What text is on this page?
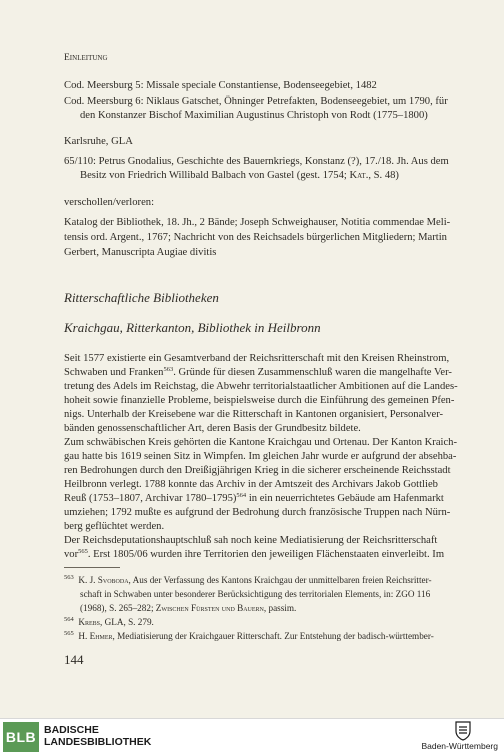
Einleitung
Cod. Meersburg 5: Missale speciale Constantiense, Bodenseegebiet, 1482
Cod. Meersburg 6: Niklaus Gatschet, Öhninger Petrefakten, Bodenseegebiet, um 1790, für
den Konstanzer Bischof Maximilian Augustinus Christoph von Rodt (1775–1800)
Karlsruhe, GLA
65/110: Petrus Gnodalius, Geschichte des Bauernkriegs, Konstanz (?), 17./18. Jh. Aus dem
Besitz von Friedrich Willibald Balbach von Gastel (gest. 1754; Kat., S. 48)
verschollen/verloren:
Katalog der Bibliothek, 18. Jh., 2 Bände; Joseph Schweighauser, Notitia commendae Meli-
tensis ord. Argent., 1767; Nachricht von des Reichsadels bürgerlichen Mitgliedern; Martin
Gerbert, Manuscripta Augiae divitis
Ritterschaftliche Bibliotheken
Kraichgau, Ritterkanton, Bibliothek in Heilbronn
Seit 1577 existierte ein Gesamtverband der Reichsritterschaft mit den Kreisen Rheinstrom,
Schwaben und Franken$^{563}$. Gründe für diesen Zusammenschluß waren die mangelhafte Ver-
tretung des Adels im Reichstag, die Abwehr territorialstaatlicher Ambitionen auf die Landes-
hoheit sowie finanzielle Probleme, beispielsweise durch die Einführung des gemeinen Pfen-
nigs. Unterhalb der Kreisebene war die Ritterschaft in Kantonen organisiert, Personalver-
bänden genossenschaftlicher Art, deren Basis der Grundbesitz bildete.
Zum schwäbischen Kreis gehörten die Kantone Kraichgau und Ortenau. Der Kanton Kraich-
gau hatte bis 1619 seinen Sitz in Wimpfen. Im gleichen Jahr wurde er aufgrund der absehba-
ren Bedrohungen durch den Dreißigjährigen Krieg in die sicherer erscheinende Reichsstadt
Heilbronn verlegt. 1788 konnte das Archiv in der Amtszeit des Archivars Jakob Gottlieb
Reuß (1753–1807, Archivar 1780–1795)$^{564}$ in ein neuerrichtetes Gebäude am Hafenmarkt
umziehen; 1792 mußte es aufgrund der Bedrohung durch französische Truppen nach Nürn-
berg geflüchtet werden.
Der Reichsdeputationshauptschluß sah noch keine Mediatisierung der Reichsritterschaft
vor$^{565}$. Erst 1805/06 wurden ihre Territorien den jeweiligen Flächenstaaten einverleibt. Im
$^{563}$ K. J. Svoboda, Aus der Verfassung des Kantons Kraichgau der unmittelbaren freien Reichsritter-
schaft in Schwaben unter besonderer Berücksichtigung des territorialen Elements, in: ZGO 116
(1968), S. 265–282; Zwischen Fürsten und Bauern, passim.
$^{564}$ Krebs, GLA, S. 279.
$^{565}$ H. Ehmer, Mediatisierung der Kraichgauer Ritterschaft. Zur Entstehung der badisch-württember-
144
BLB BADISCHE
LANDESBIBLIOTHEK	Baden-Württemberg
